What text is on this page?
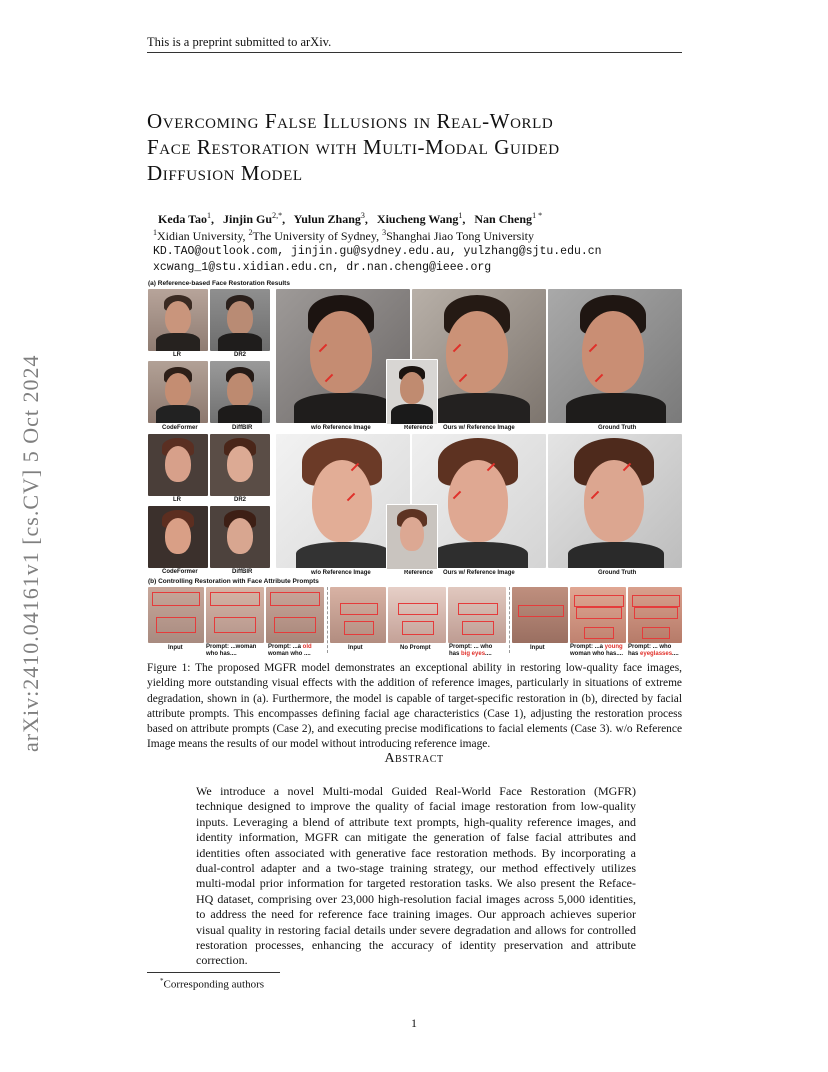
This is a preprint submitted to arXiv.
Overcoming False Illusions in Real-World
Face Restoration with Multi-Modal Guided
Diffusion Model
Keda Tao$^1$,   Jinjin $Gu^{2,*}$,   Yulun Zhang$^3$,   Xiucheng Wang$^1$,   Nan Cheng$^{1 *}$
$^1$Xidian University, $^2$The University of Sydney, $^3$Shanghai Jiao Tong University
KD.TAO@outlook.com, jinjin.gu@sydney.edu.au, yulzhang@sjtu.edu.cn
xcwang_1@stu.xidian.edu.cn, dr.nan.cheng@ieee.org
arXiv:2410.04161v1 [cs.CV] 5 Oct 2024
(a) Reference-based Face Restoration Results
LR	DR2
CodeFormer	DiffBIR	w/o Reference Image	Reference Ours w/ Reference Image	Ground Truth
LR	DR2
CodeFormer	DiffBIR	w/o Reference Image	Reference Ours w/ Reference Image	Ground Truth
(b) Controlling Restoration with Face Attribute Prompts
Input	Prompt: ...woman
who has....
Prompt: ...a old
woman who ....
Input	No Prompt	Prompt: ... who
has big eyes....
Input	Prompt: ...a young
woman who has....
Prompt: ... who
has eyeglasses....
Figure 1: The proposed MGFR model demonstrates an exceptional ability in restoring low-quality face images, yielding more outstanding visual effects with the addition of reference images, particularly in situations of extreme degradation, shown in (a). Furthermore, the model is capable of target-specific restoration in (b), directed by facial attribute prompts. This encompasses defining facial age characteristics (Case 1), adjusting the restoration process based on attribute prompts (Case 2), and executing precise modifications to facial elements (Case 3). w/o Reference Image means the results of our model without introducing reference image.
Abstract
We introduce a novel Multi-modal Guided Real-World Face Restoration (MGFR) technique designed to improve the quality of facial image restoration from low-quality inputs. Leveraging a blend of attribute text prompts, high-quality reference images, and identity information, MGFR can mitigate the generation of false facial attributes and identities often associated with generative face restoration methods. By incorporating a dual-control adapter and a two-stage training strategy, our method effectively utilizes multi-modal prior information for targeted restoration tasks. We also present the Reface-HQ dataset, comprising over 23,000 high-resolution facial images across 5,000 identities, to address the need for reference face training images. Our approach achieves superior visual quality in restoring facial details under severe degradation and allows for controlled restoration processes, enhancing the accuracy of identity preservation and attribute correction.
*Corresponding authors
1
